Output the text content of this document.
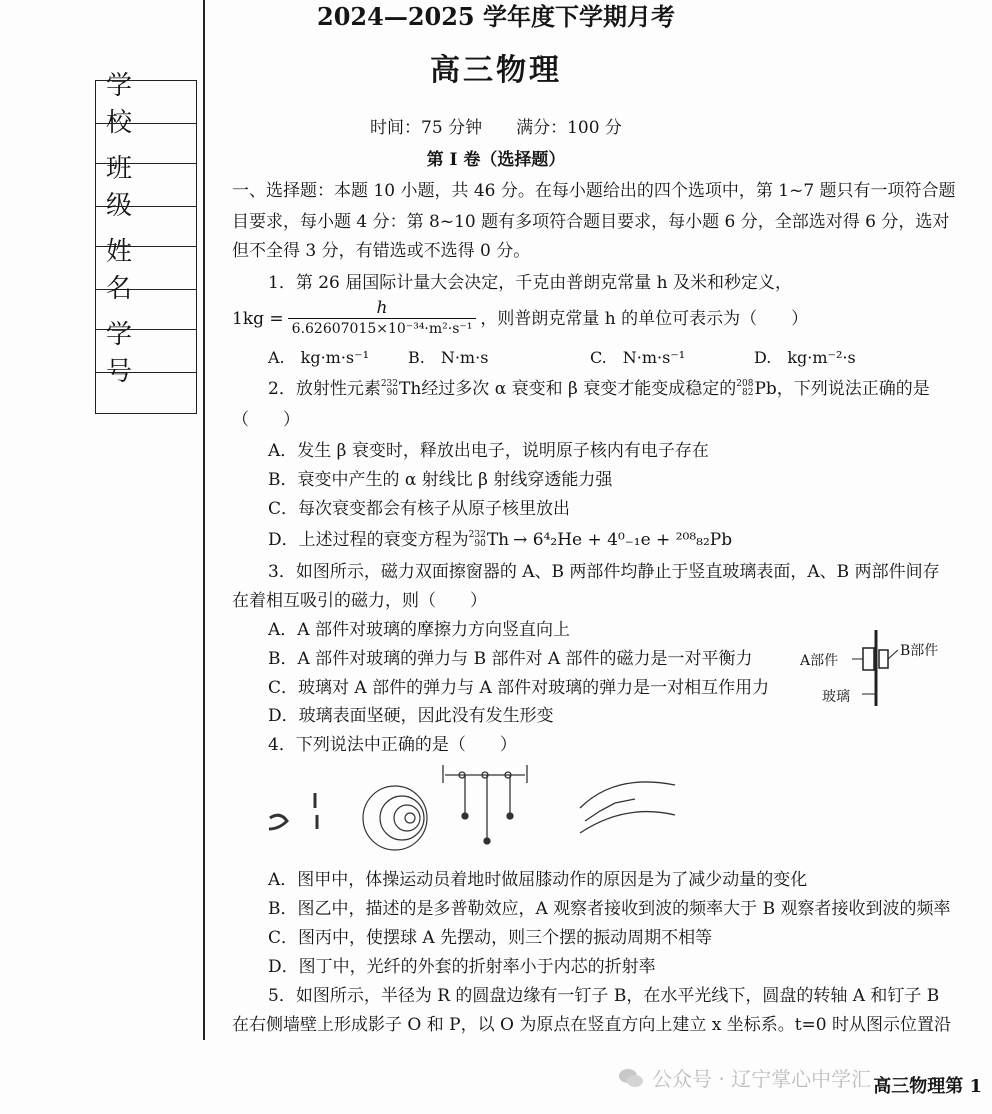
学 校
班 级
姓 名
学 号
2024—2025 学年度下学期月考
高三物理
时间：75 分钟　　满分：100 分
第 I 卷（选择题）
一、选择题：本题 10 小题，共 46 分。在每小题给出的四个选项中，第 1~7 题只有一项符合题
目要求，每小题 4 分：第 8~10 题有多项符合题目要求，每小题 6 分，全部选对得 6 分，选对
但不全得 3 分，有错选或不选得 0 分。
1．第 26 届国际计量大会决定，千克由普朗克常量 h 及米和秒定义，
$1kg = \frac{h}{\text{6.62607015×10⁻³⁴·m²·s⁻¹}}$ ，则普朗克常量 h 的单位可表示为（　　）
A.　kg·m·s⁻¹ B.　N·m·s	C.　N·m·s⁻¹	D.　kg·m⁻²·s
2．放射性元素 232
90 Th 经过多次 α 衰变和 β 衰变才能变成稳定的 208
82 Pb ，下列说法正确的是
（　　）
A．发生 β 衰变时，释放出电子，说明原子核内有电子存在
B．衰变中产生的 α 射线比 β 射线穿透能力强
C．每次衰变都会有核子从原子核里放出
D．上述过程的衰变方程为 232
90 Th → 6⁴₂He + 4⁰₋₁e + ²⁰⁸₈₂Pb
3．如图所示，磁力双面擦窗器的 A、B 两部件均静止于竖直玻璃表面，A、B 两部件间存
在着相互吸引的磁力，则（　　）
A．A 部件对玻璃的摩擦力方向竖直向上
B．A 部件对玻璃的弹力与 B 部件对 A 部件的磁力是一对平衡力
C．玻璃对 A 部件的弹力与 A 部件对玻璃的弹力是一对相互作用力
D．玻璃表面坚硬，因此没有发生形变
A部件
B部件
玻璃
4．下列说法中正确的是（　　）
A．图甲中，体操运动员着地时做屈膝动作的原因是为了减少动量的变化
B．图乙中，描述的是多普勒效应，A 观察者接收到波的频率大于 B 观察者接收到波的频率
C．图丙中，使摆球 A 先摆动，则三个摆的振动周期不相等
D．图丁中，光纤的外套的折射率小于内芯的折射率
5．如图所示，半径为 R 的圆盘边缘有一钉子 B，在水平光线下，圆盘的转轴 A 和钉子 B
在右侧墙壁上形成影子 O 和 P，以 O 为原点在竖直方向上建立 x 坐标系。t=0 时从图示位置沿
公众号 · 辽宁掌心中学汇 高三物理第 1
